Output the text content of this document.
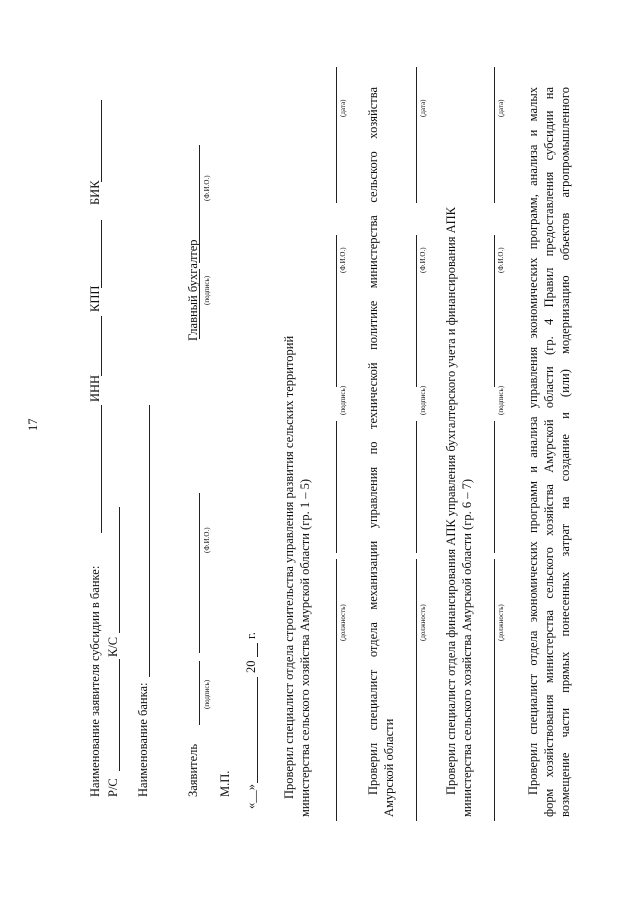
17
Наименование заявителя субсидии в банке:
ИНН
КПП
БИК
Р/С
К/С
Наименование банка:	Заявитель
(подпись)
(Ф.И.О.)
Главный бухгалтер (подпись)
(Ф.И.О.)
М.П. «__»
20
г. Проверил специалист отдела строительства управления развития сельских территорий министерства сельского хозяйства Амурской области (гр. 1 – 5)	(должность)
(подпись)
(Ф.И.О.)
(дата) Проверил специалист отдела механизации управления по технической политике министерства сельского хозяйства Амурской области
(должность)
(подпись)
(Ф.И.О.)
(дата)
Проверил специалист отдела финансирования АПК управления бухгалтерского учета и финансирования АПК министерства сельского хозяйства Амурской области (гр. 6 – 7)	(должность)
(подпись)
(Ф.И.О.)
(дата) Проверил специалист отдела экономических программ и анализа управления экономических программ, анализа и малых форм хозяйствования министерства сельского хозяйства Амурской области (гр. 4 Правил предоставления субсидии на возмещение части прямых понесенных затрат на создание и (или) модернизацию объектов агропромышленного
